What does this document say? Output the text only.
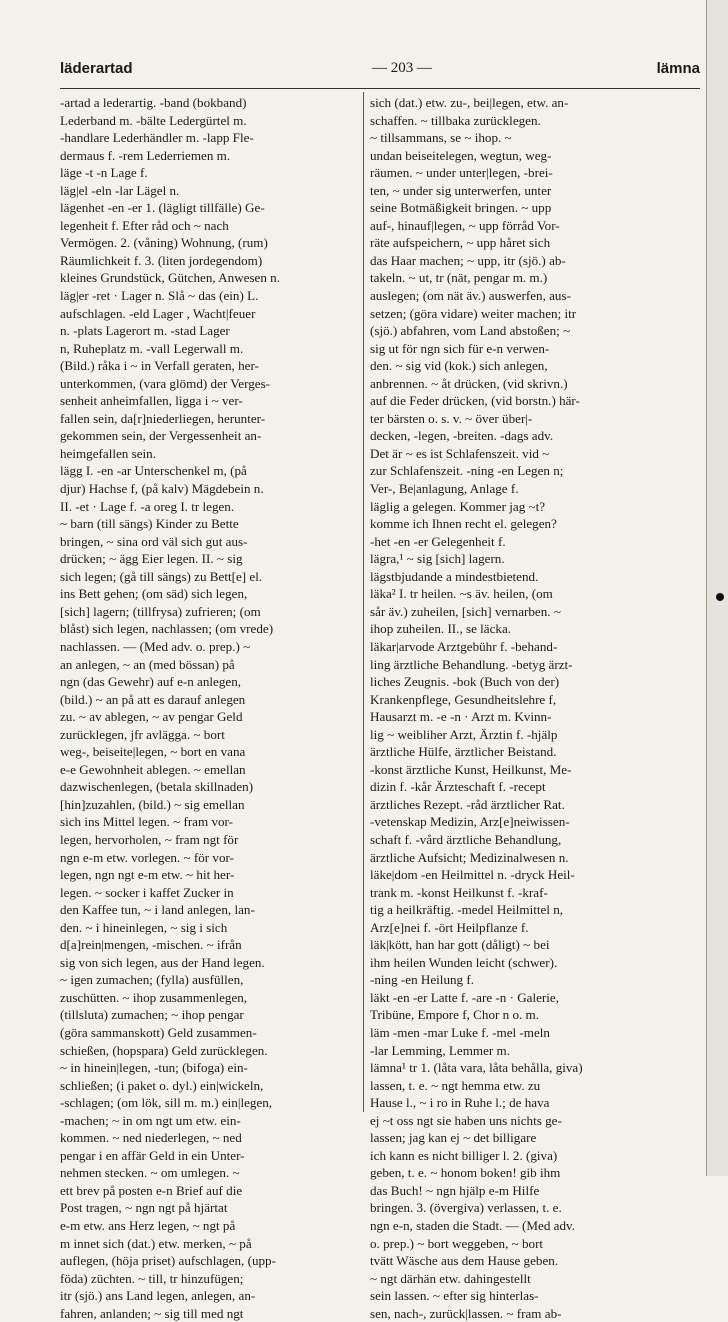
läderartad	— 203 —	lämna
-artad a lederartig. -band (bokband)
Lederband m. -bälte Ledergürtel m.
-handlare Lederhändler m. -lapp Fle-
dermaus f. -rem Lederriemen m.
läge -t -n Lage f.
läg|el -eln -lar Lägel n.
lägenhet -en -er 1. (lägligt tillfälle) Ge-
legenheit f. Efter råd och ~ nach
Vermögen. 2. (våning) Wohnung, (rum)
Räumlichkeit f. 3. (liten jordegendom)
kleines Grundstück, Gütchen, Anwesen n.
läg|er -ret · Lager n. Slå ~ das (ein) L.
aufschlagen. -eld Lager , Wacht|feuer
n. -plats Lagerort m. -stad Lager
n, Ruheplatz m. -vall Legerwall m.
(Bild.) råka i ~ in Verfall geraten, her-
unterkommen, (vara glömd) der Verges-
senheit anheimfallen, ligga i ~ ver-
fallen sein, da[r]niederliegen, herunter-
gekommen sein, der Vergessenheit an-
heimgefallen sein.
lägg I. -en -ar Unterschenkel m, (på
djur) Hachse f, (på kalv) Mägdebein n.
II. -et · Lage f. -a oreg I. tr legen.
~ barn (till sängs) Kinder zu Bette
bringen, ~ sina ord väl sich gut aus-
drücken; ~ ägg Eier legen. II. ~ sig
sich legen; (gå till sängs) zu Bett[e] el.
ins Bett gehen; (om säd) sich legen,
[sich] lagern; (tillfrysa) zufrieren; (om
blåst) sich legen, nachlassen; (om vrede)
nachlassen. — (Med adv. o. prep.) ~
an anlegen, ~ an (med bössan) på
ngn (das Gewehr) auf e-n anlegen,
(bild.) ~ an på att es darauf anlegen
zu. ~ av ablegen, ~ av pengar Geld
zurücklegen, jfr avlägga. ~ bort
weg-, beiseite|legen, ~ bort en vana
e-e Gewohnheit ablegen. ~ emellan
dazwischenlegen, (betala skillnaden)
[hin]zuzahlen, (bild.) ~ sig emellan
sich ins Mittel legen. ~ fram vor-
legen, hervorholen, ~ fram ngt för
ngn e-m etw. vorlegen. ~ för vor-
legen, ngn ngt e-m etw. ~ hit her-
legen. ~ socker i kaffet Zucker in
den Kaffee tun, ~ i land anlegen, lan-
den. ~ i hineinlegen, ~ sig i sich
d[a]rein|mengen, -mischen. ~ ifrån
sig von sich legen, aus der Hand legen.
~ igen zumachen; (fylla) ausfüllen,
zuschütten. ~ ihop zusammenlegen,
(tillsluta) zumachen; ~ ihop pengar
(göra sammanskott) Geld zusammen-
schießen, (hopspara) Geld zurücklegen.
~ in hinein|legen, -tun; (bifoga) ein-
schließen; (i paket o. dyl.) ein|wickeln,
-schlagen; (om lök, sill m. m.) ein|legen,
-machen; ~ in om ngt um etw. ein-
kommen. ~ ned niederlegen, ~ ned
pengar i en affär Geld in ein Unter-
nehmen stecken. ~ om umlegen. ~
ett brev på posten e-n Brief auf die
Post tragen, ~ ngn ngt på hjärtat
e-m etw. ans Herz legen, ~ ngt på
m innet sich (dat.) etw. merken, ~ på
auflegen, (höja priset) aufschlagen, (upp-
föda) züchten. ~ till, tr hinzufügen;
itr (sjö.) ans Land legen, anlegen, an-
fahren, anlanden; ~ sig till med ngt
sich (dat.) etw. zu-, bei|legen, etw. an-
schaffen. ~ tillbaka zurücklegen.
~ tillsammans, se ~ ihop. ~
undan beiseitelegen, wegtun, weg-
räumen. ~ under unter|legen, -brei-
ten, ~ under sig unterwerfen, unter
seine Botmäßigkeit bringen. ~ upp
auf-, hinauf|legen, ~ upp förråd Vor-
räte aufspeichern, ~ upp håret sich
das Haar machen; ~ upp, itr (sjö.) ab-
takeln. ~ ut, tr (nät, pengar m. m.)
auslegen; (om nät äv.) auswerfen, aus-
setzen; (göra vidare) weiter machen; itr
(sjö.) abfahren, vom Land abstoßen; ~
sig ut för ngn sich für e-n verwen-
den. ~ sig vid (kok.) sich anlegen,
anbrennen. ~ åt drücken, (vid skrivn.)
auf die Feder drücken, (vid borstn.) här-
ter bärsten o. s. v. ~ över über|-
decken, -legen, -breiten. -dags adv.
Det är ~ es ist Schlafenszeit. vid ~
zur Schlafenszeit. -ning -en Legen n;
Ver-, Be|anlagung, Anlage f.
läglig a gelegen. Kommer jag ~t?
komme ich Ihnen recht el. gelegen?
-het -en -er Gelegenheit f.
lägra,¹ ~ sig [sich] lagern.
lägstbjudande a mindestbietend.
läka² I. tr heilen. ~s äv. heilen, (om
sår äv.) zuheilen, [sich] vernarben. ~
ihop zuheilen. II., se läcka.
läkar|arvode Arztgebühr f. -behand-
ling ärztliche Behandlung. -betyg ärzt-
liches Zeugnis. -bok (Buch von der)
Krankenpflege, Gesundheitslehre f,
Hausarzt m. -e -n · Arzt m. Kvinn-
lig ~ weibliher Arzt, Ärztin f. -hjälp
ärztliche Hülfe, ärztlicher Beistand.
-konst ärztliche Kunst, Heilkunst, Me-
dizin f. -kår Ärzteschaft f. -recept
ärztliches Rezept. -råd ärztlicher Rat.
-vetenskap Medizin, Arz[e]neiwissen-
schaft f. -vård ärztliche Behandlung,
ärztliche Aufsicht; Medizinalwesen n.
läke|dom -en Heilmittel n. -dryck Heil-
trank m. -konst Heilkunst f. -kraf-
tig a heilkräftig. -medel Heilmittel n,
Arz[e]nei f. -ört Heilpflanze f.
läk|kött, han har gott (dåligt) ~ bei
ihm heilen Wunden leicht (schwer).
-ning -en Heilung f.
läkt -en -er Latte f. -are -n · Galerie,
Tribüne, Empore f, Chor n o. m.
läm -men -mar Luke f. -mel -meln
-lar Lemming, Lemmer m.
lämna¹ tr 1. (låta vara, låta behålla, giva)
lassen, t. e. ~ ngt hemma etw. zu
Hause l., ~ i ro in Ruhe l.; de hava
ej ~t oss ngt sie haben uns nichts ge-
lassen; jag kan ej ~ det billigare
ich kann es nicht billiger l. 2. (giva)
geben, t. e. ~ honom boken! gib ihm
das Buch! ~ ngn hjälp e-m Hilfe
bringen. 3. (övergiva) verlassen, t. e.
ngn e-n, staden die Stadt. — (Med adv.
o. prep.) ~ bort weggeben, ~ bort
tvätt Wäsche aus dem Hause geben.
~ ngt därhän etw. dahingestellt
sein lassen. ~ efter sig hinterlas-
sen, nach-, zurück|lassen. ~ fram ab-
